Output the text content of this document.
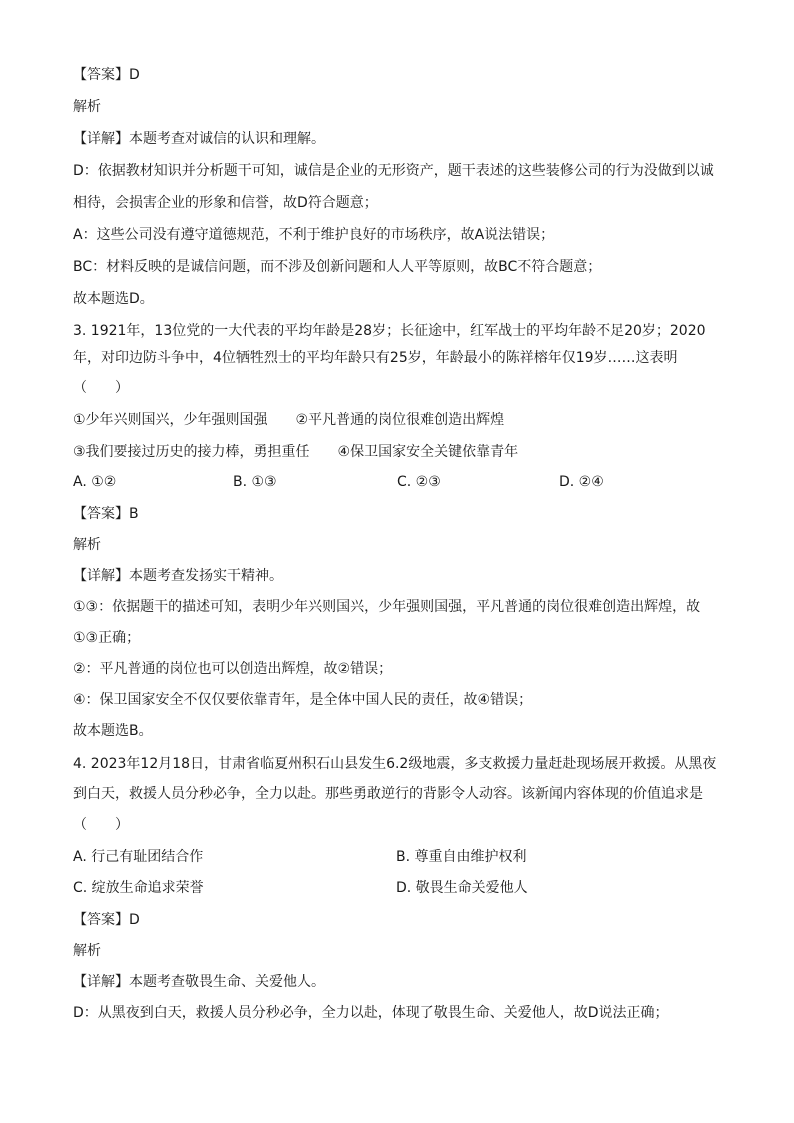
【答案】D
解析
【详解】本题考查对诚信的认识和理解。
D：依据教材知识并分析题干可知，诚信是企业的无形资产，题干表述的这些装修公司的行为没做到以诚
相待，会损害企业的形象和信誉，故D符合题意；
A：这些公司没有遵守道德规范，不利于维护良好的市场秩序，故A说法错误；
BC：材料反映的是诚信问题，而不涉及创新问题和人人平等原则，故BC不符合题意；
故本题选D。
3. 1921年，13位党的一大代表的平均年龄是28岁；长征途中，红军战士的平均年龄不足20岁；2020
年，对印边防斗争中，4位牺牲烈士的平均年龄只有25岁，年龄最小的陈祥榕年仅19岁……这表明
（　　）
①少年兴则国兴，少年强则国强　　②平凡普通的岗位很难创造出辉煌
③我们要接过历史的接力棒，勇担重任　　④保卫国家安全关键依靠青年
A. ①②	B. ①③	C. ②③	D. ②④
【答案】B
解析
【详解】本题考查发扬实干精神。
①③：依据题干的描述可知，表明少年兴则国兴，少年强则国强，平凡普通的岗位很难创造出辉煌，故
①③正确；
②：平凡普通的岗位也可以创造出辉煌，故②错误；
④：保卫国家安全不仅仅要依靠青年，是全体中国人民的责任，故④错误；
故本题选B。
4. 2023年12月18日，甘肃省临夏州积石山县发生6.2级地震，多支救援力量赶赴现场展开救援。从黑夜
到白天，救援人员分秒必争，全力以赴。那些勇敢逆行的背影令人动容。该新闻内容体现的价值追求是
（　　）
A. 行己有耻团结合作	B. 尊重自由维护权利
C. 绽放生命追求荣誉	D. 敬畏生命关爱他人
【答案】D
解析
【详解】本题考查敬畏生命、关爱他人。
D：从黑夜到白天，救援人员分秒必争，全力以赴，体现了敬畏生命、关爱他人，故D说法正确；
